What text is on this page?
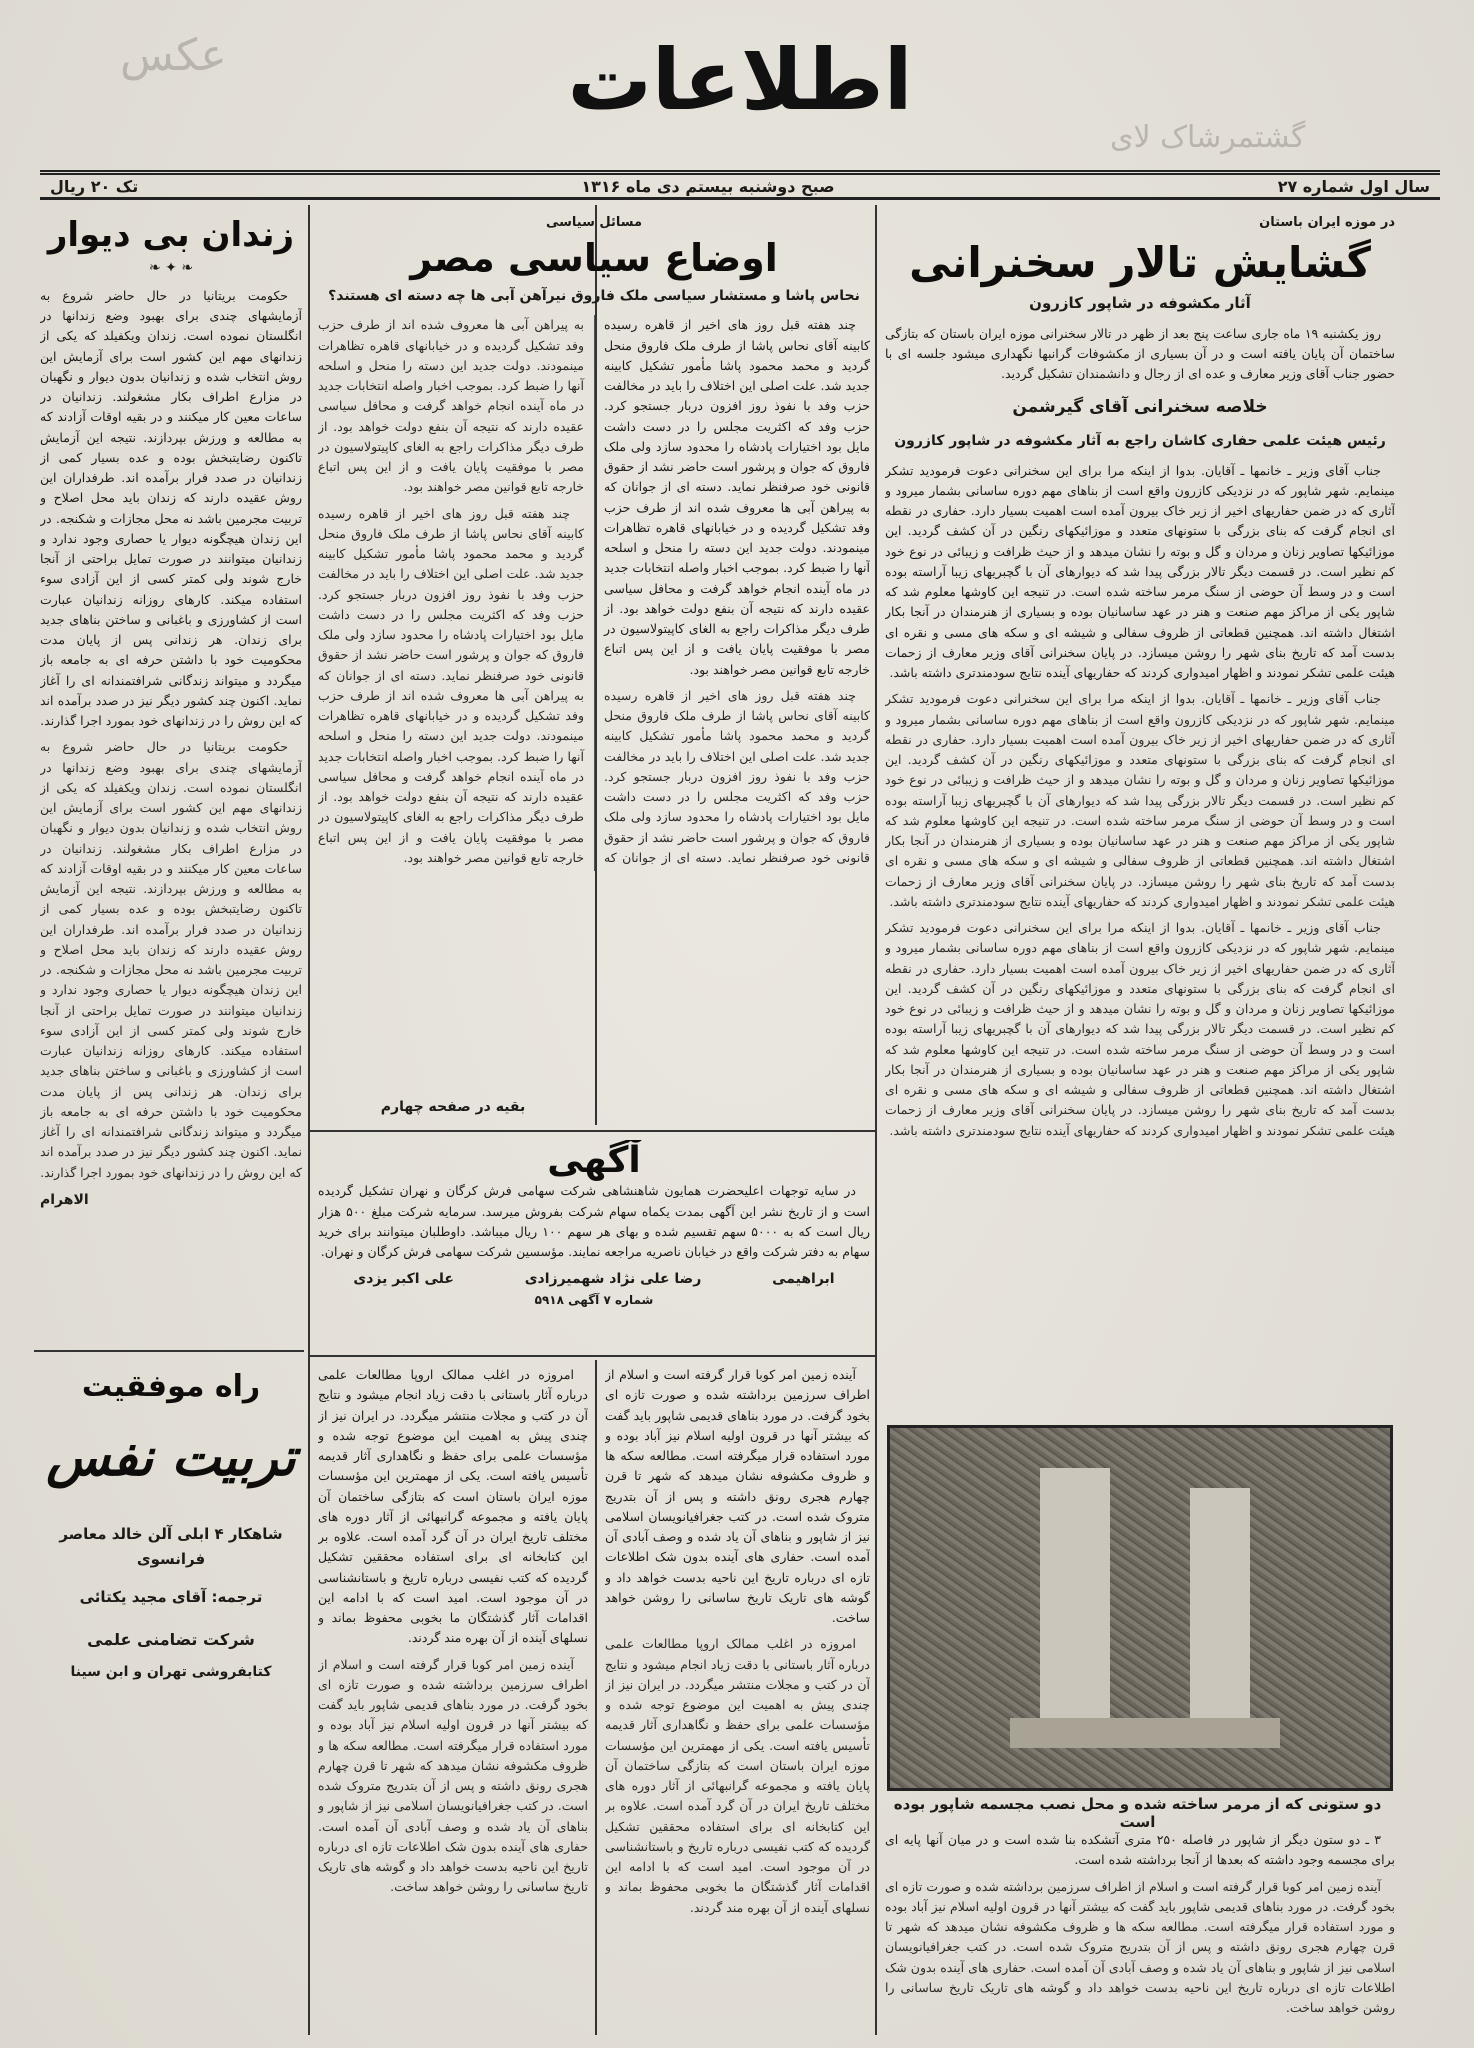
عکس
گشتمرشاک لای
اطلاعات
سال اول شماره ۲۷
صبح دوشنبه بیستم دی ماه ۱۳۱۶
تک ۲۰ ریال
در موزه ایران باستان
گشایش تالار سخنرانی
آثار مکشوفه در شاپور کازرون

روز یکشنبه ۱۹ ماه جاری ساعت پنج بعد از ظهر در تالار سخنرانی موزه ایران باستان که بتازگی ساختمان آن پایان یافته است و در آن بسیاری از مکشوفات گرانبها نگهداری میشود جلسه ای با حضور جناب آقای وزیر معارف و عده ای از رجال و دانشمندان تشکیل گردید.

خلاصه سخنرانی آقای گیرشمن
رئیس هیئت علمی حفاری کاشان راجع به آثار مکشوفه در شاپور کازرون

جناب آقای وزیر ـ خانمها ـ آقایان. بدوا از اینکه مرا برای این سخنرانی دعوت فرمودید تشکر مینمایم. شهر شاپور که در نزدیکی کازرون واقع است از بناهای مهم دوره ساسانی بشمار میرود و آثاری که در ضمن حفاریهای اخیر از زیر خاک بیرون آمده است اهمیت بسیار دارد. حفاری در نقطه ای انجام گرفت که بنای بزرگی با ستونهای متعدد و موزائیکهای رنگین در آن کشف گردید. این موزائیکها تصاویر زنان و مردان و گل و بوته را نشان میدهد و از حیث ظرافت و زیبائی در نوع خود کم نظیر است. در قسمت دیگر تالار بزرگی پیدا شد که دیوارهای آن با گچبریهای زیبا آراسته بوده است و در وسط آن حوضی از سنگ مرمر ساخته شده است. در تنیجه این کاوشها معلوم شد که شاپور یکی از مراکز مهم صنعت و هنر در عهد ساسانیان بوده و بسیاری از هنرمندان در آنجا بکار اشتغال داشته اند. همچنین قطعاتی از ظروف سفالی و شیشه ای و سکه های مسی و نقره ای بدست آمد که تاریخ بنای شهر را روشن میسازد. در پایان سخنرانی آقای وزیر معارف از زحمات هیئت علمی تشکر نمودند و اظهار امیدواری کردند که حفاریهای آینده نتایج سودمندتری داشته باشد.

جناب آقای وزیر ـ خانمها ـ آقایان. بدوا از اینکه مرا برای این سخنرانی دعوت فرمودید تشکر مینمایم. شهر شاپور که در نزدیکی کازرون واقع است از بناهای مهم دوره ساسانی بشمار میرود و آثاری که در ضمن حفاریهای اخیر از زیر خاک بیرون آمده است اهمیت بسیار دارد. حفاری در نقطه ای انجام گرفت که بنای بزرگی با ستونهای متعدد و موزائیکهای رنگین در آن کشف گردید. این موزائیکها تصاویر زنان و مردان و گل و بوته را نشان میدهد و از حیث ظرافت و زیبائی در نوع خود کم نظیر است. در قسمت دیگر تالار بزرگی پیدا شد که دیوارهای آن با گچبریهای زیبا آراسته بوده است و در وسط آن حوضی از سنگ مرمر ساخته شده است. در تنیجه این کاوشها معلوم شد که شاپور یکی از مراکز مهم صنعت و هنر در عهد ساسانیان بوده و بسیاری از هنرمندان در آنجا بکار اشتغال داشته اند. همچنین قطعاتی از ظروف سفالی و شیشه ای و سکه های مسی و نقره ای بدست آمد که تاریخ بنای شهر را روشن میسازد. در پایان سخنرانی آقای وزیر معارف از زحمات هیئت علمی تشکر نمودند و اظهار امیدواری کردند که حفاریهای آینده نتایج سودمندتری داشته باشد.

جناب آقای وزیر ـ خانمها ـ آقایان. بدوا از اینکه مرا برای این سخنرانی دعوت فرمودید تشکر مینمایم. شهر شاپور که در نزدیکی کازرون واقع است از بناهای مهم دوره ساسانی بشمار میرود و آثاری که در ضمن حفاریهای اخیر از زیر خاک بیرون آمده است اهمیت بسیار دارد. حفاری در نقطه ای انجام گرفت که بنای بزرگی با ستونهای متعدد و موزائیکهای رنگین در آن کشف گردید. این موزائیکها تصاویر زنان و مردان و گل و بوته را نشان میدهد و از حیث ظرافت و زیبائی در نوع خود کم نظیر است. در قسمت دیگر تالار بزرگی پیدا شد که دیوارهای آن با گچبریهای زیبا آراسته بوده است و در وسط آن حوضی از سنگ مرمر ساخته شده است. در تنیجه این کاوشها معلوم شد که شاپور یکی از مراکز مهم صنعت و هنر در عهد ساسانیان بوده و بسیاری از هنرمندان در آنجا بکار اشتغال داشته اند. همچنین قطعاتی از ظروف سفالی و شیشه ای و سکه های مسی و نقره ای بدست آمد که تاریخ بنای شهر را روشن میسازد. در پایان سخنرانی آقای وزیر معارف از زحمات هیئت علمی تشکر نمودند و اظهار امیدواری کردند که حفاریهای آینده نتایج سودمندتری داشته باشد.

دو ستونی که از مرمر ساخته شده و محل نصب مجسمه شاپور بوده است

۳ ـ دو ستون دیگر از شاپور در فاصله ۲۵۰ متری آتشکده بنا شده است و در میان آنها پایه ای برای مجسمه وجود داشته که بعدها از آنجا برداشته شده است.

آینده زمین امر کوبا قرار گرفته است و اسلام از اطراف سرزمین برداشته شده و صورت تازه ای بخود گرفت. در مورد بناهای قدیمی شاپور باید گفت که بیشتر آنها در قرون اولیه اسلام نیز آباد بوده و مورد استفاده قرار میگرفته است. مطالعه سکه ها و ظروف مکشوفه نشان میدهد که شهر تا قرن چهارم هجری رونق داشته و پس از آن بتدریج متروک شده است. در کتب جغرافیانویسان اسلامی نیز از شاپور و بناهای آن یاد شده و وصف آبادی آن آمده است. حفاری های آینده بدون شک اطلاعات تازه ای درباره تاریخ این ناحیه بدست خواهد داد و گوشه های تاریک تاریخ ساسانی را روشن خواهد ساخت.

مسائل سیاسی
اوضاع سیاسی مصر
نحاس پاشا و مستشار سیاسی ملک فاروق نیرآهن آبی ها چه دسته ای هستند؟

چند هفته قبل روز های اخیر از قاهره رسیده کابینه آقای نحاس پاشا از طرف ملک فاروق منحل گردید و محمد محمود پاشا مأمور تشکیل کابینه جدید شد. علت اصلی این اختلاف را باید در مخالفت حزب وفد با نفوذ روز افزون دربار جستجو کرد. حزب وفد که اکثریت مجلس را در دست داشت مایل بود اختیارات پادشاه را محدود سازد ولی ملک فاروق که جوان و پرشور است حاضر نشد از حقوق قانونی خود صرفنظر نماید. دسته ای از جوانان که به پیراهن آبی ها معروف شده اند از طرف حزب وفد تشکیل گردیده و در خیابانهای قاهره تظاهرات مینمودند. دولت جدید این دسته را منحل و اسلحه آنها را ضبط کرد. بموجب اخبار واصله انتخابات جدید در ماه آینده انجام خواهد گرفت و محافل سیاسی عقیده دارند که نتیجه آن بنفع دولت خواهد بود. از طرف دیگر مذاکرات راجع به الغای کاپیتولاسیون در مصر با موفقیت پایان یافت و از این پس اتباع خارجه تابع قوانین مصر خواهند بود.

چند هفته قبل روز های اخیر از قاهره رسیده کابینه آقای نحاس پاشا از طرف ملک فاروق منحل گردید و محمد محمود پاشا مأمور تشکیل کابینه جدید شد. علت اصلی این اختلاف را باید در مخالفت حزب وفد با نفوذ روز افزون دربار جستجو کرد. حزب وفد که اکثریت مجلس را در دست داشت مایل بود اختیارات پادشاه را محدود سازد ولی ملک فاروق که جوان و پرشور است حاضر نشد از حقوق قانونی خود صرفنظر نماید. دسته ای از جوانان که به پیراهن آبی ها معروف شده اند از طرف حزب وفد تشکیل گردیده و در خیابانهای قاهره تظاهرات مینمودند. دولت جدید این دسته را منحل و اسلحه آنها را ضبط کرد. بموجب اخبار واصله انتخابات جدید در ماه آینده انجام خواهد گرفت و محافل سیاسی عقیده دارند که نتیجه آن بنفع دولت خواهد بود. از طرف دیگر مذاکرات راجع به الغای کاپیتولاسیون در مصر با موفقیت پایان یافت و از این پس اتباع خارجه تابع قوانین مصر خواهند بود.

چند هفته قبل روز های اخیر از قاهره رسیده کابینه آقای نحاس پاشا از طرف ملک فاروق منحل گردید و محمد محمود پاشا مأمور تشکیل کابینه جدید شد. علت اصلی این اختلاف را باید در مخالفت حزب وفد با نفوذ روز افزون دربار جستجو کرد. حزب وفد که اکثریت مجلس را در دست داشت مایل بود اختیارات پادشاه را محدود سازد ولی ملک فاروق که جوان و پرشور است حاضر نشد از حقوق قانونی خود صرفنظر نماید. دسته ای از جوانان که به پیراهن آبی ها معروف شده اند از طرف حزب وفد تشکیل گردیده و در خیابانهای قاهره تظاهرات مینمودند. دولت جدید این دسته را منحل و اسلحه آنها را ضبط کرد. بموجب اخبار واصله انتخابات جدید در ماه آینده انجام خواهد گرفت و محافل سیاسی عقیده دارند که نتیجه آن بنفع دولت خواهد بود. از طرف دیگر مذاکرات راجع به الغای کاپیتولاسیون در مصر با موفقیت پایان یافت و از این پس اتباع خارجه تابع قوانین مصر خواهند بود.

بقیه در صفحه چهارم
آگهی

در سایه توجهات اعلیحضرت همایون شاهنشاهی شرکت سهامی فرش کرگان و نهران تشکیل گردیده است و از تاریخ نشر این آگهی بمدت یکماه سهام شرکت بفروش میرسد. سرمایه شرکت مبلغ ۵۰۰ هزار ریال است که به ۵۰۰۰ سهم تقسیم شده و بهای هر سهم ۱۰۰ ریال میباشد. داوطلبان میتوانند برای خرید سهام به دفتر شرکت واقع در خیابان ناصریه مراجعه نمایند. مؤسسین شرکت سهامی فرش کرگان و نهران.

ابراهیمی
رضا علی نژاد شهمیرزادی
علی اکبر یزدی
شماره ۷ آگهی ۵۹۱۸

آینده زمین امر کوبا قرار گرفته است و اسلام از اطراف سرزمین برداشته شده و صورت تازه ای بخود گرفت. در مورد بناهای قدیمی شاپور باید گفت که بیشتر آنها در قرون اولیه اسلام نیز آباد بوده و مورد استفاده قرار میگرفته است. مطالعه سکه ها و ظروف مکشوفه نشان میدهد که شهر تا قرن چهارم هجری رونق داشته و پس از آن بتدریج متروک شده است. در کتب جغرافیانویسان اسلامی نیز از شاپور و بناهای آن یاد شده و وصف آبادی آن آمده است. حفاری های آینده بدون شک اطلاعات تازه ای درباره تاریخ این ناحیه بدست خواهد داد و گوشه های تاریک تاریخ ساسانی را روشن خواهد ساخت.

امروزه در اغلب ممالک اروپا مطالعات علمی درباره آثار باستانی با دقت زیاد انجام میشود و نتایج آن در کتب و مجلات منتشر میگردد. در ایران نیز از چندی پیش به اهمیت این موضوع توجه شده و مؤسسات علمی برای حفظ و نگاهداری آثار قدیمه تأسیس یافته است. یکی از مهمترین این مؤسسات موزه ایران باستان است که بتازگی ساختمان آن پایان یافته و مجموعه گرانبهائی از آثار دوره های مختلف تاریخ ایران در آن گرد آمده است. علاوه بر این کتابخانه ای برای استفاده محققین تشکیل گردیده که کتب نفیسی درباره تاریخ و باستانشناسی در آن موجود است. امید است که با ادامه این اقدامات آثار گذشتگان ما بخوبی محفوظ بماند و نسلهای آینده از آن بهره مند گردند.

امروزه در اغلب ممالک اروپا مطالعات علمی درباره آثار باستانی با دقت زیاد انجام میشود و نتایج آن در کتب و مجلات منتشر میگردد. در ایران نیز از چندی پیش به اهمیت این موضوع توجه شده و مؤسسات علمی برای حفظ و نگاهداری آثار قدیمه تأسیس یافته است. یکی از مهمترین این مؤسسات موزه ایران باستان است که بتازگی ساختمان آن پایان یافته و مجموعه گرانبهائی از آثار دوره های مختلف تاریخ ایران در آن گرد آمده است. علاوه بر این کتابخانه ای برای استفاده محققین تشکیل گردیده که کتب نفیسی درباره تاریخ و باستانشناسی در آن موجود است. امید است که با ادامه این اقدامات آثار گذشتگان ما بخوبی محفوظ بماند و نسلهای آینده از آن بهره مند گردند.

آینده زمین امر کوبا قرار گرفته است و اسلام از اطراف سرزمین برداشته شده و صورت تازه ای بخود گرفت. در مورد بناهای قدیمی شاپور باید گفت که بیشتر آنها در قرون اولیه اسلام نیز آباد بوده و مورد استفاده قرار میگرفته است. مطالعه سکه ها و ظروف مکشوفه نشان میدهد که شهر تا قرن چهارم هجری رونق داشته و پس از آن بتدریج متروک شده است. در کتب جغرافیانویسان اسلامی نیز از شاپور و بناهای آن یاد شده و وصف آبادی آن آمده است. حفاری های آینده بدون شک اطلاعات تازه ای درباره تاریخ این ناحیه بدست خواهد داد و گوشه های تاریک تاریخ ساسانی را روشن خواهد ساخت.

زندان بی دیوار
❧ ✦ ❧

حکومت بریتانیا در حال حاضر شروع به آزمایشهای چندی برای بهبود وضع زندانها در انگلستان نموده است. زندان ویکفیلد که یکی از زندانهای مهم این کشور است برای آزمایش این روش انتخاب شده و زندانیان بدون دیوار و نگهبان در مزارع اطراف بکار مشغولند. زندانیان در ساعات معین کار میکنند و در بقیه اوقات آزادند که به مطالعه و ورزش بپردازند. نتیجه این آزمایش تاکنون رضایتبخش بوده و عده بسیار کمی از زندانیان در صدد فرار برآمده اند. طرفداران این روش عقیده دارند که زندان باید محل اصلاح و تربیت مجرمین باشد نه محل مجازات و شکنجه. در این زندان هیچگونه دیوار یا حصاری وجود ندارد و زندانیان میتوانند در صورت تمایل براحتی از آنجا خارج شوند ولی کمتر کسی از این آزادی سوء استفاده میکند. کارهای روزانه زندانیان عبارت است از کشاورزی و باغبانی و ساختن بناهای جدید برای زندان. هر زندانی پس از پایان مدت محکومیت خود با داشتن حرفه ای به جامعه باز میگردد و میتواند زندگانی شرافتمندانه ای را آغاز نماید. اکنون چند کشور دیگر نیز در صدد برآمده اند که این روش را در زندانهای خود بمورد اجرا گذارند.

حکومت بریتانیا در حال حاضر شروع به آزمایشهای چندی برای بهبود وضع زندانها در انگلستان نموده است. زندان ویکفیلد که یکی از زندانهای مهم این کشور است برای آزمایش این روش انتخاب شده و زندانیان بدون دیوار و نگهبان در مزارع اطراف بکار مشغولند. زندانیان در ساعات معین کار میکنند و در بقیه اوقات آزادند که به مطالعه و ورزش بپردازند. نتیجه این آزمایش تاکنون رضایتبخش بوده و عده بسیار کمی از زندانیان در صدد فرار برآمده اند. طرفداران این روش عقیده دارند که زندان باید محل اصلاح و تربیت مجرمین باشد نه محل مجازات و شکنجه. در این زندان هیچگونه دیوار یا حصاری وجود ندارد و زندانیان میتوانند در صورت تمایل براحتی از آنجا خارج شوند ولی کمتر کسی از این آزادی سوء استفاده میکند. کارهای روزانه زندانیان عبارت است از کشاورزی و باغبانی و ساختن بناهای جدید برای زندان. هر زندانی پس از پایان مدت محکومیت خود با داشتن حرفه ای به جامعه باز میگردد و میتواند زندگانی شرافتمندانه ای را آغاز نماید. اکنون چند کشور دیگر نیز در صدد برآمده اند که این روش را در زندانهای خود بمورد اجرا گذارند.

الاهرام
راه موفقیت
تربیت نفس
شاهکار ۴ ابلی آلن خالد معاصر فرانسوی
ترجمه: آقای مجید یکتائی
شرکت تضامنی علمی
کتابفروشی تهران و ابن سینا
